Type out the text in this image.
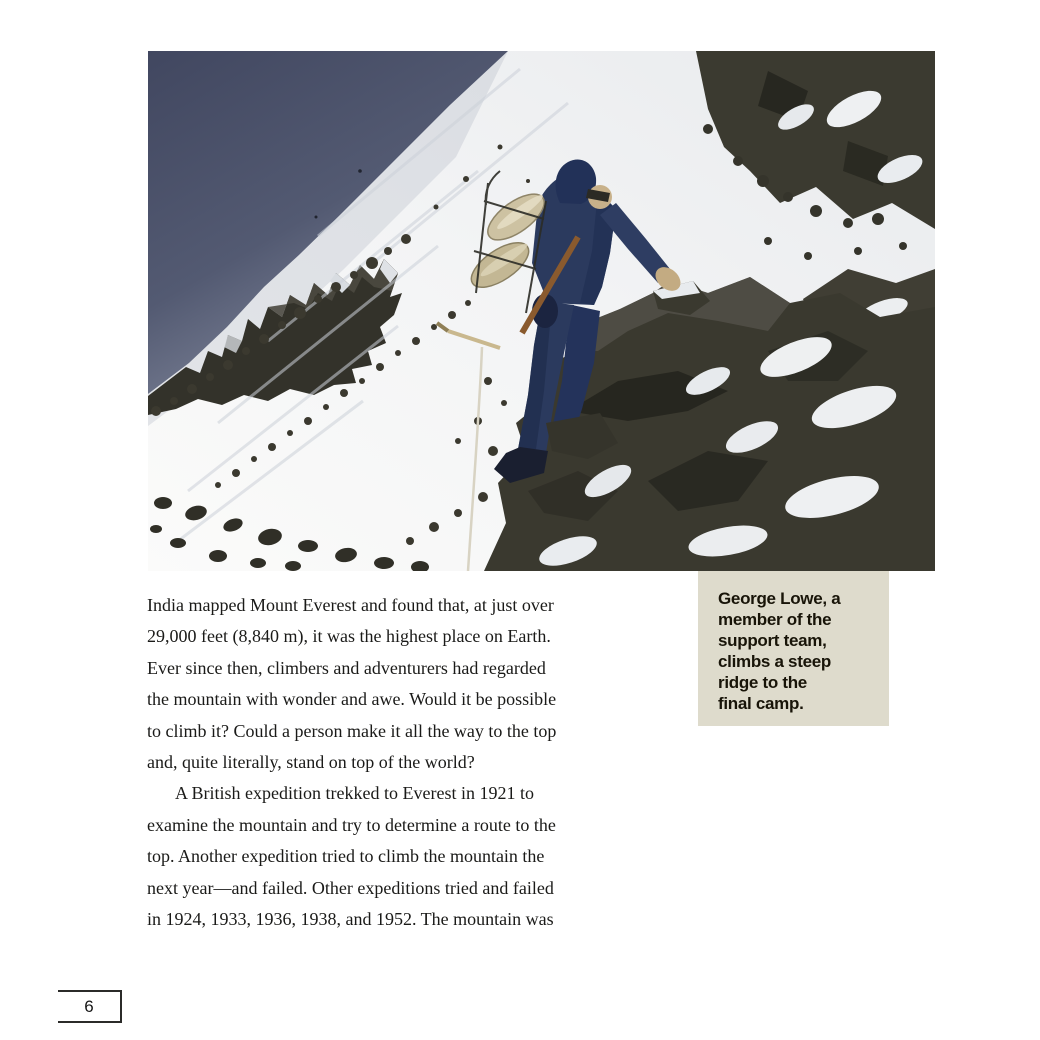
George Lowe, a
member of the
support team,
climbs a steep
ridge to the
final camp.
India mapped Mount Everest and found that, at just over
29,000 feet (8,840 m), it was the highest place on Earth.
Ever since then, climbers and adventurers had regarded
the mountain with wonder and awe. Would it be possible
to climb it? Could a person make it all the way to the top
and, quite literally, stand on top of the world?
A British expedition trekked to Everest in 1921 to
examine the mountain and try to determine a route to the
top. Another expedition tried to climb the mountain the
next year—and failed. Other expeditions tried and failed
in 1924, 1933, 1936, 1938, and 1952. The mountain was
6
